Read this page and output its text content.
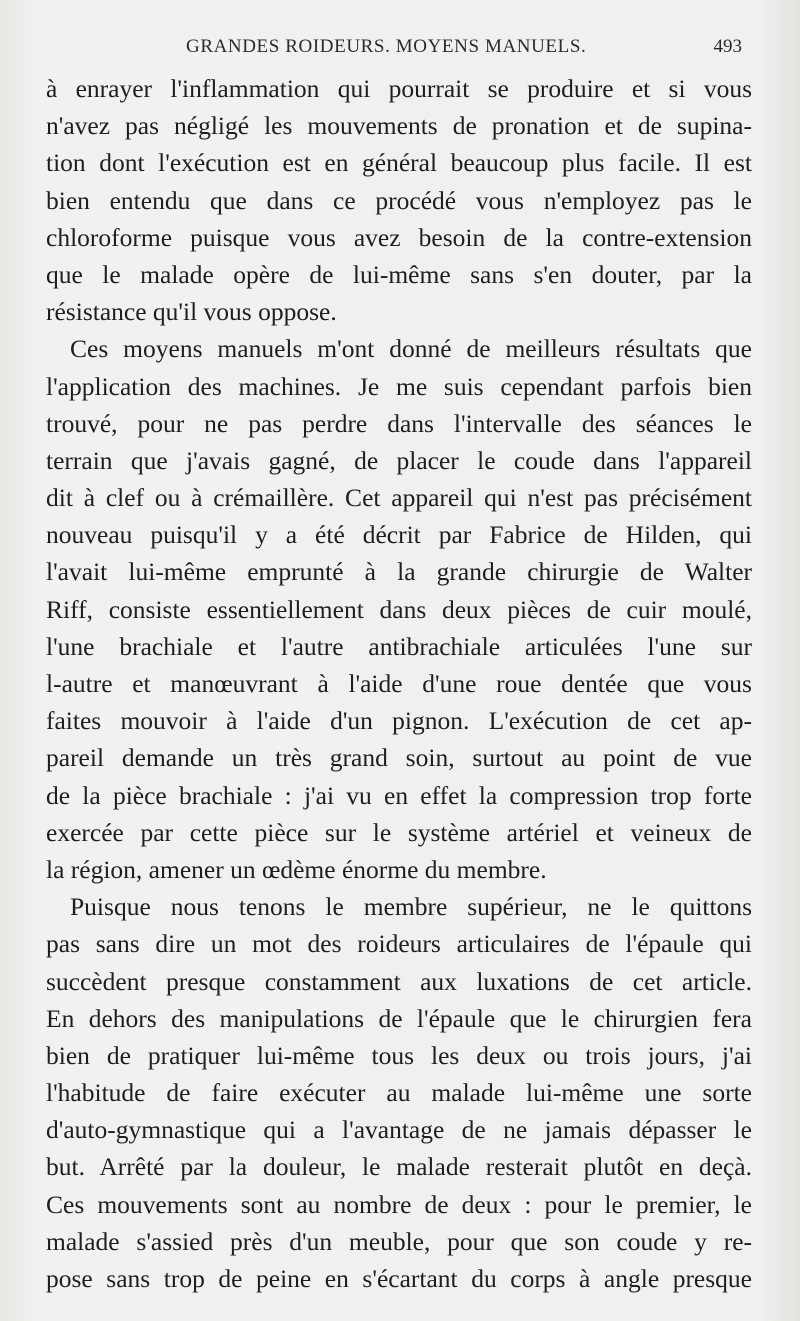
GRANDES ROIDEURS. MOYENS MANUELS.	493
à enrayer l'inflammation qui pourrait se produire et si vous
n'avez pas négligé les mouvements de pronation et de supina-
tion dont l'exécution est en général beaucoup plus facile. Il est
bien entendu que dans ce procédé vous n'employez pas le
chloroforme puisque vous avez besoin de la contre-extension
que le malade opère de lui-même sans s'en douter, par la
résistance qu'il vous oppose.
Ces moyens manuels m'ont donné de meilleurs résultats que
l'application des machines. Je me suis cependant parfois bien
trouvé, pour ne pas perdre dans l'intervalle des séances le
terrain que j'avais gagné, de placer le coude dans l'appareil
dit à clef ou à crémaillère. Cet appareil qui n'est pas précisément
nouveau puisqu'il y a été décrit par Fabrice de Hilden, qui
l'avait lui-même emprunté à la grande chirurgie de Walter
Riff, consiste essentiellement dans deux pièces de cuir moulé,
l'une brachiale et l'autre antibrachiale articulées l'une sur
l-autre et manœuvrant à l'aide d'une roue dentée que vous
faites mouvoir à l'aide d'un pignon. L'exécution de cet ap-
pareil demande un très grand soin, surtout au point de vue
de la pièce brachiale : j'ai vu en effet la compression trop forte
exercée par cette pièce sur le système artériel et veineux de
la région, amener un œdème énorme du membre.
Puisque nous tenons le membre supérieur, ne le quittons
pas sans dire un mot des roideurs articulaires de l'épaule qui
succèdent presque constamment aux luxations de cet article.
En dehors des manipulations de l'épaule que le chirurgien fera
bien de pratiquer lui-même tous les deux ou trois jours, j'ai
l'habitude de faire exécuter au malade lui-même une sorte
d'auto-gymnastique qui a l'avantage de ne jamais dépasser le
but. Arrêté par la douleur, le malade resterait plutôt en deçà.
Ces mouvements sont au nombre de deux : pour le premier, le
malade s'assied près d'un meuble, pour que son coude y re-
pose sans trop de peine en s'écartant du corps à angle presque
